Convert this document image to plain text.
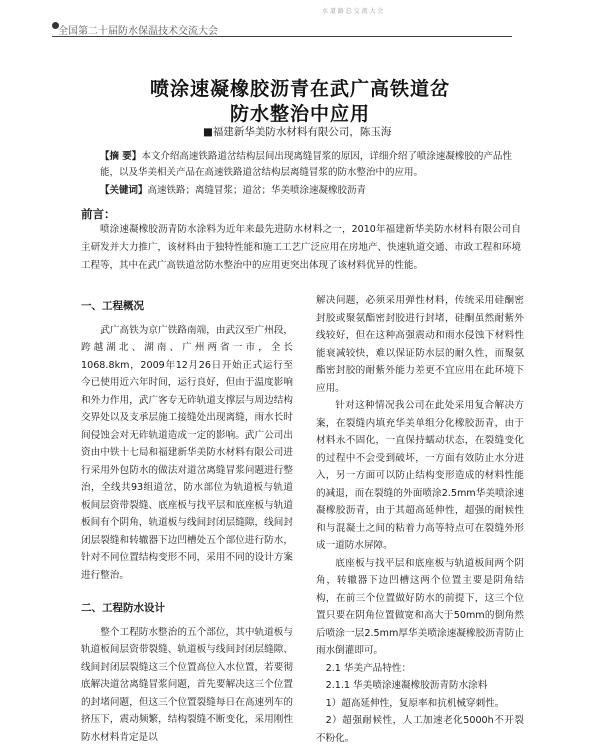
全国第二十届防水保温技术交流大会
水 道 路 总 交 流 大 会
喷涂速凝橡胶沥青在武广高铁道岔
防水整治中应用
■福建新华美防水材料有限公司，陈玉海

【摘 要】本文介绍高速铁路道岔结构层间出现离缝冒浆的原因，详细介绍了喷涂速凝橡胶的产品性能，以及华美相关产品在高速铁路道岔结构层离缝冒浆的防水整治中的应用。

【关键词】高速铁路；离缝冒浆；道岔；华美喷涂速凝橡胶沥青
前言：
喷涂速凝橡胶沥青防水涂料为近年来最先进防水材料之一，2010年福建新华美防水材料有限公司自主研发并大力推广，该材料由于独特性能和施工工艺广泛应用在房地产、快速轨道交通、市政工程和环境工程等，其中在武广高铁道岔防水整治中的应用更突出体现了该材料优异的性能。
一、工程概况

武广高铁为京广铁路南端，由武汉至广州段，跨越湖北、湖南、广州两省一市，全长1068.8km，2009年12月26日开始正式运行至今已使用近六年时间，运行良好，但由于温度影响和外力作用，武广客专无砟轨道支撑层与周边结构交界处以及支承层施工接缝处出现离缝，雨水长时间侵蚀会对无砟轨道造成一定的影响。武广公司出资由中铁十七局和福建新华美防水材料有限公司进行采用外包防水的做法对道岔离缝冒浆问题进行整治，全线共93组道岔，防水部位为轨道板与轨道板间层资带裂缝、底座板与找平层和底座板与轨道板间有个阴角，轨道板与线间封闭层缝隙，线间封闭层裂缝和转辙器下边凹槽处五个部位进行防水，针对不同位置结构变形不同，采用不同的设计方案进行整治。

二、工程防水设计

整个工程防水整治的五个部位，其中轨道板与轨道板间层资带裂缝、轨道板与线间封闭层缝隙、线间封闭层裂缝这三个位置高位入水位置，若要彻底解决道岔离缝冒浆问题，首先要解决这三个位置的封堵问题，但这三个位置裂缝每日在高速列车的挤压下，震动频繁，结构裂缝不断变化，采用刚性防水材料肯定是以

解决问题，必须采用弹性材料，传统采用硅酮密封胶或聚氨酯密封胶进行封堵，硅酮虽然耐紫外线较好，但在这种高强震动和雨水侵蚀下材料性能衰减较快，难以保证防水层的耐久性，而聚氨酯密封胶的耐紫外能力差更不宜应用在此环境下应用。

针对这种情况我公司在此处采用复合解决方案，在裂缝内填充华美单组分化橡胶沥青，由于材料永不固化，一直保持蠕动状态，在裂缝变化的过程中不会受到破坏，一方面有效防止水分进入，另一方面可以防止结构变形造成的材料性能的减退，而在裂缝的外面喷涂2.5mm华美喷涂速凝橡胶沥青，由于其超高延伸性，超强的耐候性和与混凝土之间的粘着力高等特点可在裂缝外形成一道防水屏障。

底座板与找平层和底座板与轨道板间两个阴角，转辙器下边凹槽这两个位置主要是阴角结构，在前三个位置做好防水的前提下，这三个位置只要在阴角位置做宽和高大于50mm的倒角然后喷涂一层2.5mm厚华美喷涂速凝橡胶沥青防止雨水倒灌即可。

2.1 华美产品特性：

2.1.1 华美喷涂速凝橡胶沥青防水涂料

1）超高延伸性，复原率和抗机械穿刺性。

2）超强耐候性，人工加速老化5000h不开裂不粉化。
